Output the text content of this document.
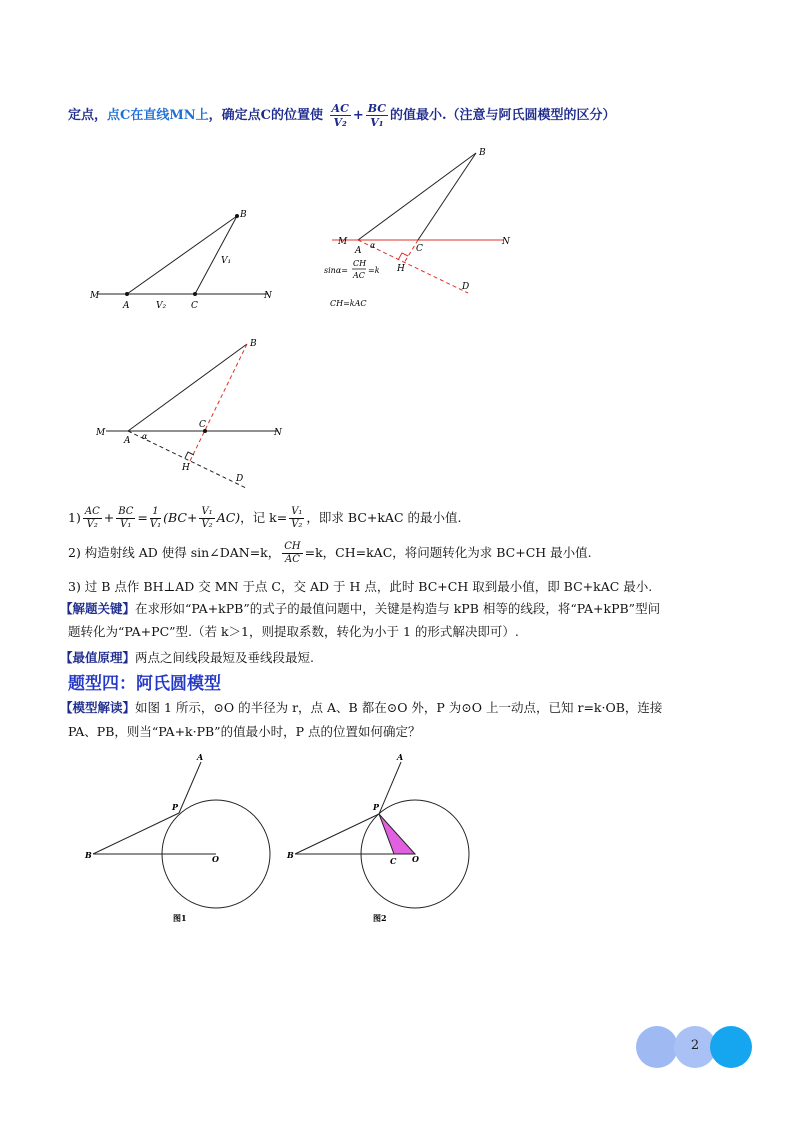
定点，点C在直线MN上，确定点C的位置使 $\frac{AC}{\text{V₂}} + \frac{BC}{\text{V₁}}$ 的值最小.（注意与阿氏圆模型的区分）
B
M
A	V₂	C
N
V₁
M
B
A
α	C
N
H
D
sinα=
CH
AC
=k
CH=kAC
M
B
A α
C
N
H
D
$1) \frac{AC}{\text{V₂}} + \frac{BC}{\text{V₁}} = \frac{1}{\text{V₁}} (BC+ \frac{\text{V₁}}{\text{V₂}} AC)$，记 $k= \frac{\text{V₁}}{\text{V₂}}$ ，即求 BC+kAC 的最小值.
2) 构造射线 AD 使得 sin∠DAN=k， $\frac{CH}{AC} =k$，CH=kAC，将问题转化为求 BC+CH 最小值.
3) 过 B 点作 BH⊥AD 交 MN 于点 C，交 AD 于 H 点，此时 BC+CH 取到最小值，即 BC+kAC 最小.
【解题关键】在求形如“PA+kPB”的式子的最值问题中，关键是构造与 kPB 相等的线段，将“PA+kPB”型问
题转化为“PA+PC”型.（若 k＞1，则提取系数，转化为小于 1 的形式解决即可）.
【最值原理】两点之间线段最短及垂线段最短.
题型四：阿氏圆模型
【模型解读】如图 1 所示，⊙O 的半径为 r，点 A、B 都在⊙O 外，P 为⊙O 上一动点，已知 r=k·OB，连接
PA、PB，则当“PA+k·PB”的值最小时，P 点的位置如何确定？
A
P
B	O
图1
A
P
B
C O
图2
2
